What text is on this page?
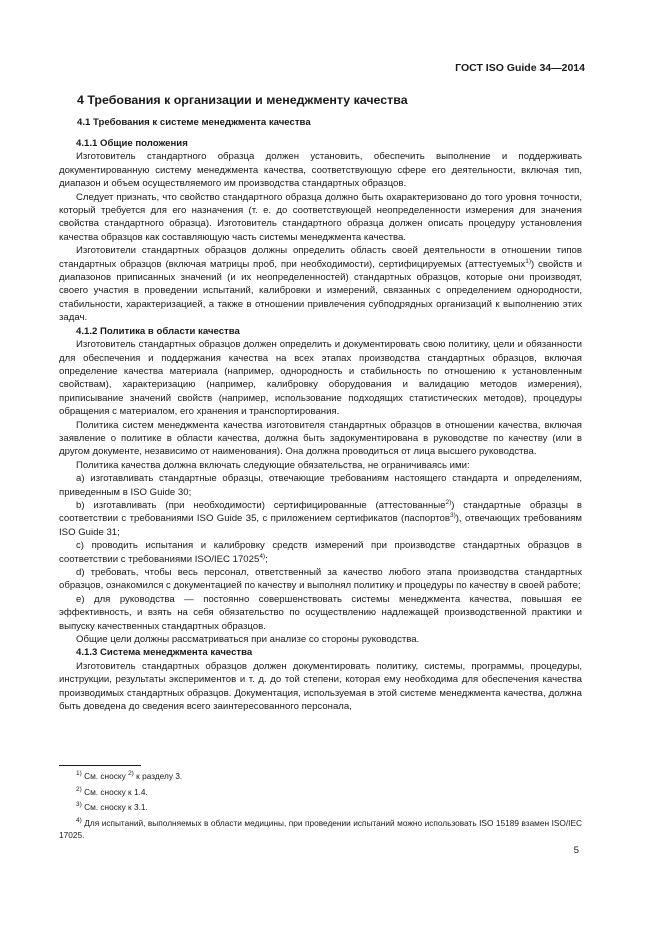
ГОСТ ISO Guide 34—2014
4 Требования к организации и менеджменту качества
4.1 Требования к системе менеджмента качества
4.1.1 Общие положения

Изготовитель стандартного образца должен установить, обеспечить выполнение и поддерживать документированную систему менеджмента качества, соответствующую сфере его деятельности, включая тип, диапазон и объем осуществляемого им производства стандартных образцов.

Следует признать, что свойство стандартного образца должно быть охарактеризовано до того уровня точности, который требуется для его назначения (т. е. до соответствующей неопределенности измерения для значения свойства стандартного образца). Изготовитель стандартного образца должен описать процедуру установления качества образцов как составляющую часть системы менеджмента качества.

Изготовители стандартных образцов должны определить область своей деятельности в отношении типов стандартных образцов (включая матрицы проб, при необходимости), сертифицируемых (аттестуемых$^{1)}$) свойств и диапазонов приписанных значений (и их неопределенностей) стандартных образцов, которые они производят, своего участия в проведении испытаний, калибровки и измерений, связанных с определением однородности, стабильности, характеризацией, а также в отношении привлечения субподрядных организаций к выполнению этих задач.

4.1.2 Политика в области качества

Изготовитель стандартных образцов должен определить и документировать свою политику, цели и обязанности для обеспечения и поддержания качества на всех этапах производства стандартных образцов, включая определение качества материала (например, однородность и стабильность по отношению к установленным свойствам), характеризацию (например, калибровку оборудования и валидацию методов измерения), приписывание значений свойств (например, использование подходящих статистических методов), процедуры обращения с материалом, его хранения и транспортирования.

Политика систем менеджмента качества изготовителя стандартных образцов в отношении качества, включая заявление о политике в области качества, должна быть задокументирована в руководстве по качеству (или в другом документе, независимо от наименования). Она должна проводиться от лица высшего руководства.

Политика качества должна включать следующие обязательства, не ограничиваясь ими:

а) изготавливать стандартные образцы, отвечающие требованиям настоящего стандарта и определениям, приведенным в ISO Guide 30;

b) изготавливать (при необходимости) сертифицированные (аттестованные$^{2)}$) стандартные образцы в соответствии с требованиями ISO Guide 35, с приложением сертификатов (паспортов$^{3)}$), отвечающих требованиям ISO Guide 31;

с) проводить испытания и калибровку средств измерений при производстве стандартных образцов в соответствии с требованиями ISO/IEC 17025$^{4)}$;

d) требовать, чтобы весь персонал, ответственный за качество любого этапа производства стандартных образцов, ознакомился с документацией по качеству и выполнял политику и процедуры по качеству в своей работе;

е) для руководства — постоянно совершенствовать системы менеджмента качества, повышая ее эффективность, и взять на себя обязательство по осуществлению надлежащей производственной практики и выпуску качественных стандартных образцов.

Общие цели должны рассматриваться при анализе со стороны руководства.

4.1.3 Система менеджмента качества

Изготовитель стандартных образцов должен документировать политику, системы, программы, процедуры, инструкции, результаты экспериментов и т. д. до той степени, которая ему необходима для обеспечения качества производимых стандартных образцов. Документация, используемая в этой системе менеджмента качества, должна быть доведена до сведения всего заинтересованного персонала,

$^{1)}$ См. сноску $^{2)}$ к разделу 3.

$^{2)}$ См. сноску к 1.4.

$^{3)}$ См. сноску к 3.1.

$^{4)}$ Для испытаний, выполняемых в области медицины, при проведении испытаний можно использовать ISO 15189 взамен ISO/IEC 17025.

5
